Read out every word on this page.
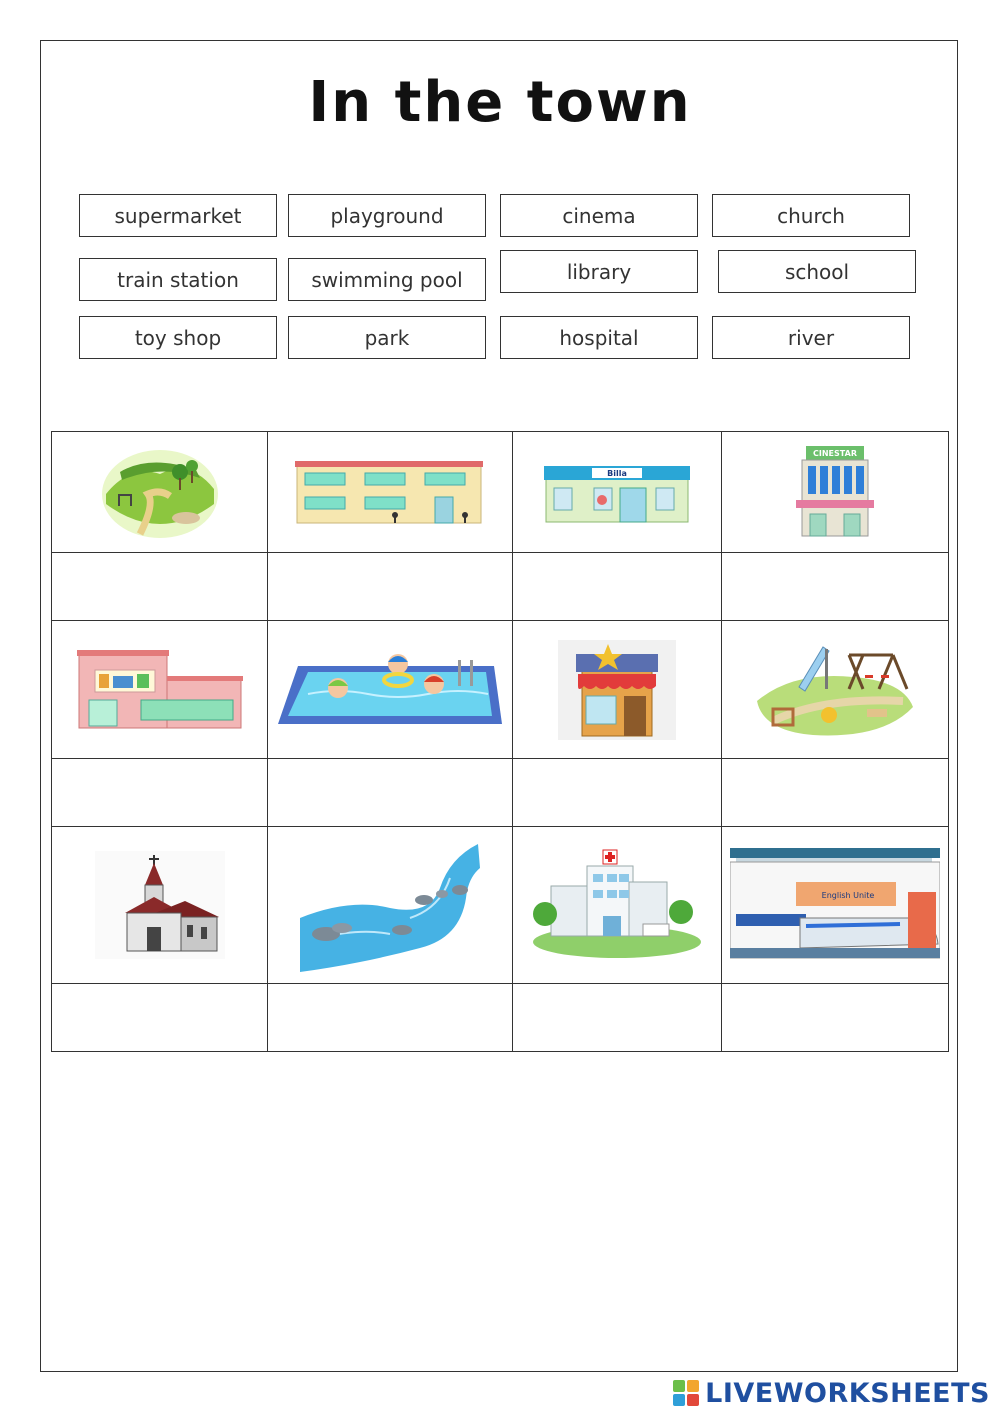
In the town
supermarket	playground	cinema	church
train station	swimming pool	library	school
toy shop	park	hospital	river

Billa	CINESTAR

English Unite

LIVEWORKSHEETS
